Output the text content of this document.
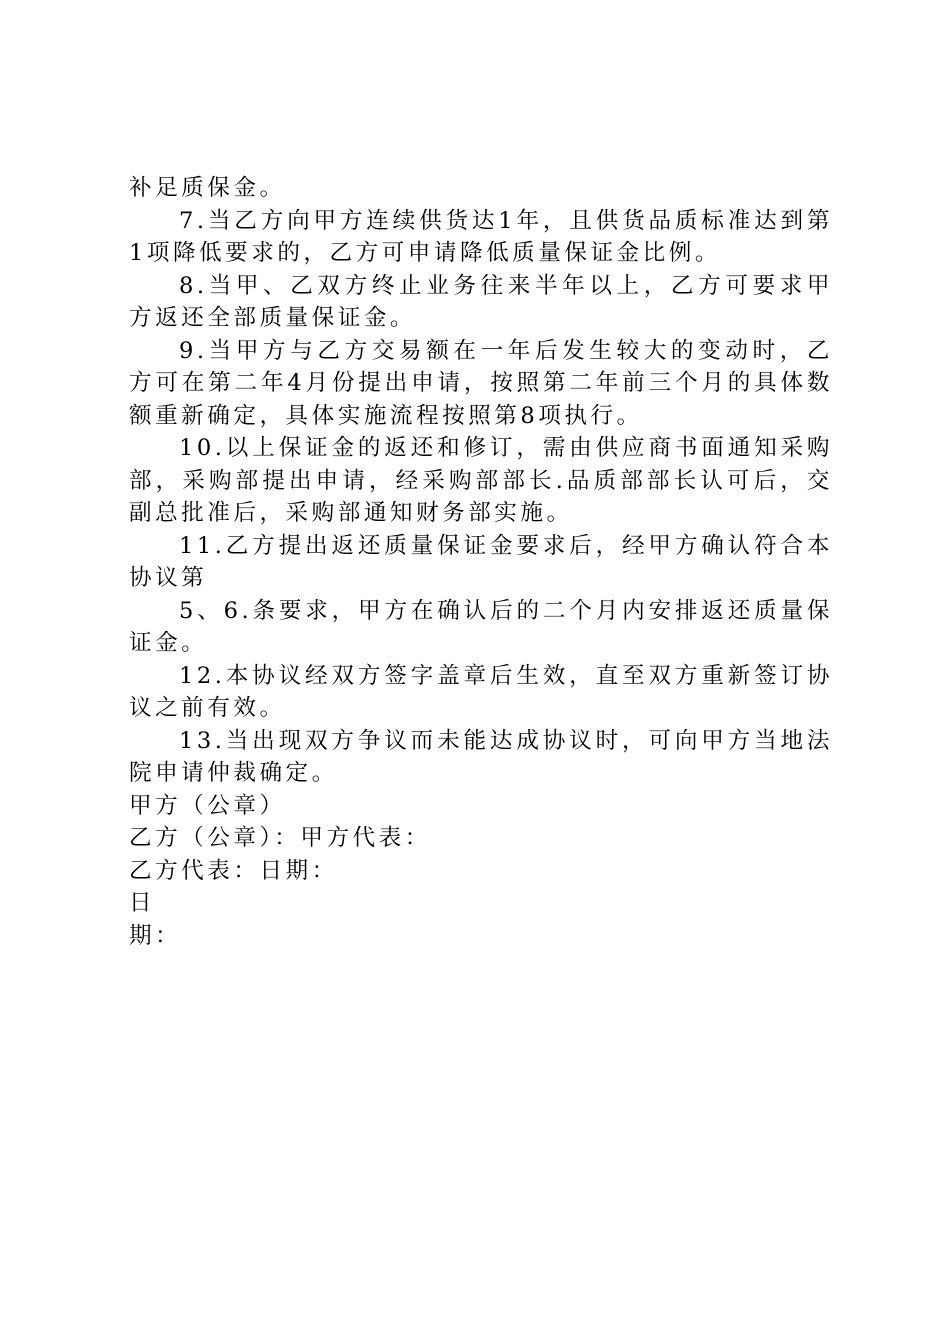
补足质保金。

7.当乙方向甲方连续供货达1年，且供货品质标准达到第1项降低要求的，乙方可申请降低质量保证金比例。

8.当甲、乙双方终止业务往来半年以上，乙方可要求甲方返还全部质量保证金。

9.当甲方与乙方交易额在一年后发生较大的变动时，乙方可在第二年4月份提出申请，按照第二年前三个月的具体数额重新确定，具体实施流程按照第8项执行。

10.以上保证金的返还和修订，需由供应商书面通知采购部，采购部提出申请，经采购部部长.品质部部长认可后，交副总批准后，采购部通知财务部实施。

11.乙方提出返还质量保证金要求后，经甲方确认符合本协议第

5、6.条要求，甲方在确认后的二个月内安排返还质量保证金。

12.本协议经双方签字盖章后生效，直至双方重新签订协议之前有效。

13.当出现双方争议而未能达成协议时，可向甲方当地法院申请仲裁确定。

甲方（公章）

乙方（公章）：甲方代表：

乙方代表：日期：

日

期：
